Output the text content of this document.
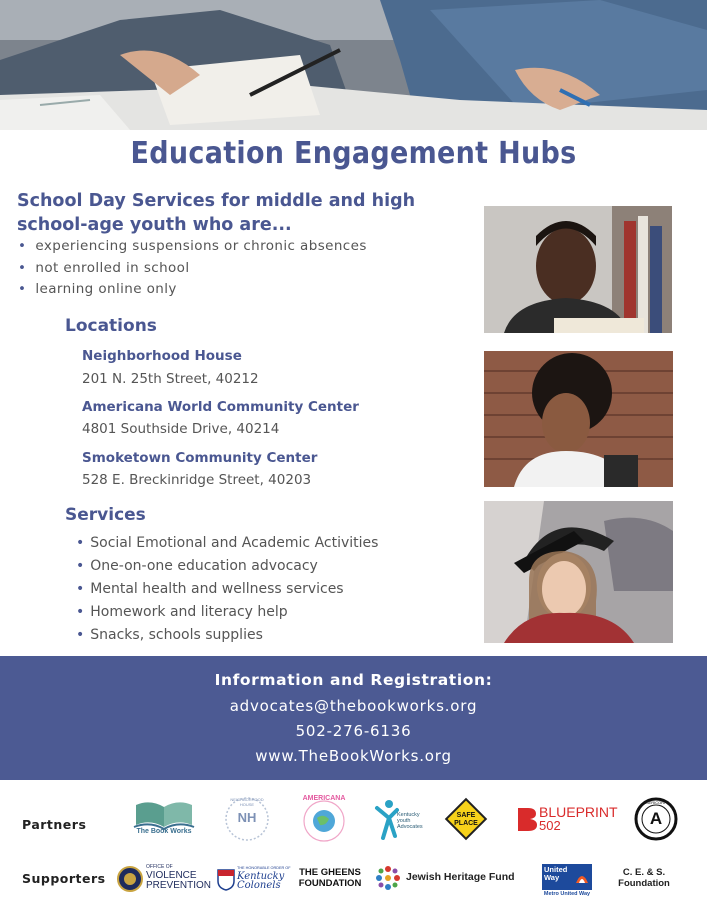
Education Engagement Hubs

School Day Services for middle and high school-age youth who are...

• experiencing suspensions or chronic absences
• not enrolled in school
• learning online only
Locations
Neighborhood House
201 N. 25th Street, 40212
Americana World Community Center
4801 Southside Drive, 40214
Smoketown Community Center
528 E. Breckinridge Street, 40203
Services
• Social Emotional and Academic Activities
• One-on-one education advocacy
• Mental health and wellness services
• Homework and literacy help
• Snacks, schools supplies
Information and Registration:
advocates@thebookworks.org
502-276-6136
www.TheBookWorks.org
Partners	The Book Works
NH
NEIGHBORHOOD HOUSE
AMERICANA
Kentucky youth Advocates
SAFE PLACE
BLUEPRINT
502	A
AMERICORPS
Supporters
OFFICE OF
VIOLENCE
PREVENTION
THE HONORABLE ORDER OF
Kentucky Colonels
THE GHEENS
FOUNDATION
Jewish Heritage Fund
United Way
Metro United Way
C. E. & S.
Foundation
